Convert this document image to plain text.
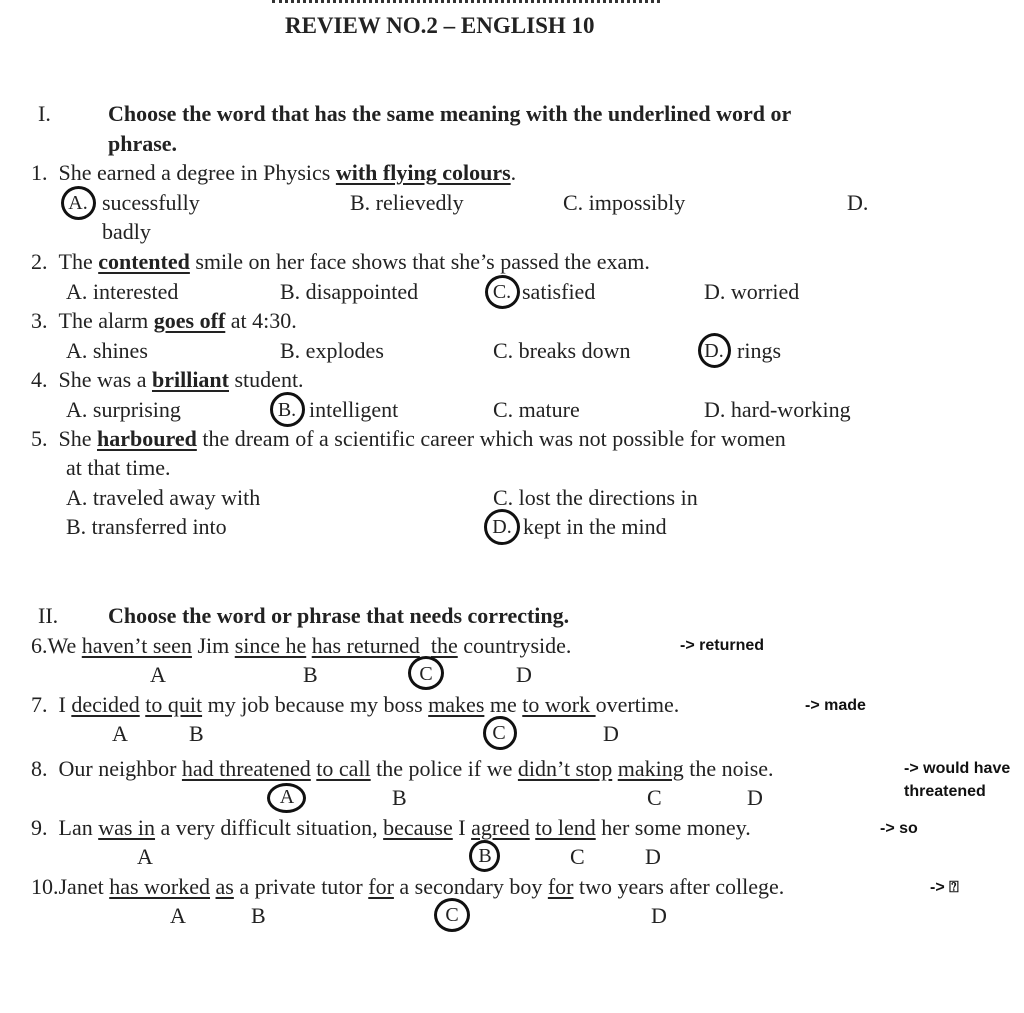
REVIEW NO.2 – ENGLISH 10
I.	Choose the word that has the same meaning with the underlined word or
phrase.
1. She earned a degree in Physics with flying colours.
A. sucessfully	B. relievedly	C. impossibly	D.
badly
2. The contented smile on her face shows that she’s passed the exam.
A. interested	B. disappointed	C. satisfied	D. worried
3. The alarm goes off at 4:30.
A. shines	B. explodes	C. breaks down	D. rings
4. She was a brilliant student.
A. surprising	B. intelligent	C. mature	D. hard-working
5. She harboured the dream of a scientific career which was not possible for women
at that time.
A. traveled away with	C. lost the directions in
B. transferred into	D. kept in the mind
II. Choose the word or phrase that needs correcting.
6.We haven’t seen Jim since he has returned the countryside.	-> returned
A	B	C	D
7. I decided to quit my job because my boss makes me to work overtime.	-> made
A	B	C	D
8. Our neighbor had threatened to call the police if we didn’t stop making the noise.	-> would have
threatened
A	B	C	D
9. Lan was in a very difficult situation, because I agreed to lend her some money.	-> so
A	B	C	D
10.Janet has worked as a private tutor for a secondary boy for two years after college.	-> ⍰
A	B	C	D
